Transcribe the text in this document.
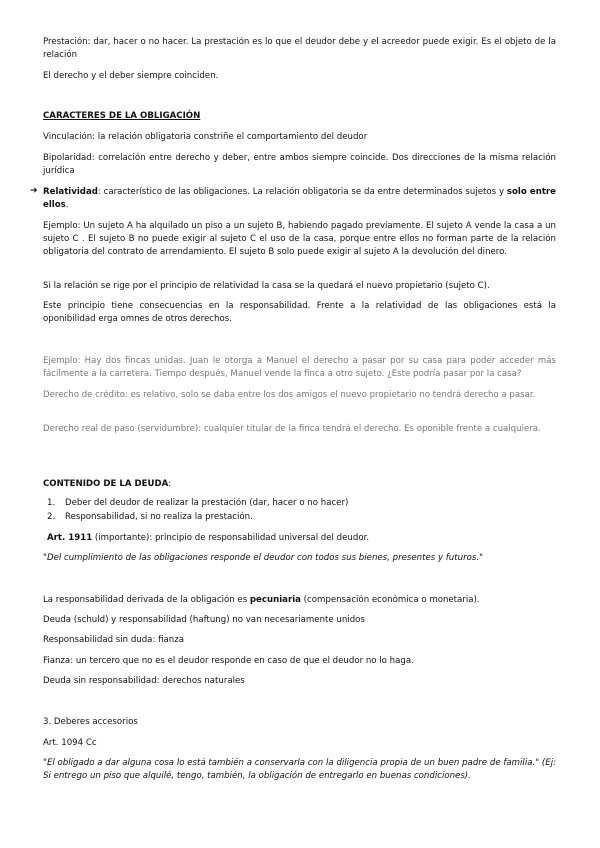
Prestación: dar, hacer o no hacer. La prestación es lo que el deudor debe y el acreedor puede exigir. Es el objeto de la relación

El derecho y el deber siempre coinciden.

CARACTERES DE LA OBLIGACIÓN

Vinculación: la relación obligatoria constriñe el comportamiento del deudor

Bipolaridad: correlación entre derecho y deber, entre ambos siempre coincide. Dos direcciones de la misma relación jurídica

➔ Relatividad: característico de las obligaciones. La relación obligatoria se da entre determinados sujetos y solo entre ellos.

Ejemplo: Un sujeto A ha alquilado un piso a un sujeto B, habiendo pagado previamente. El sujeto A vende la casa a un sujeto C . El sujeto B no puede exigir al sujeto C el uso de la casa, porque entre ellos no forman parte de la relación obligatoria del contrato de arrendamiento. El sujeto B solo puede exigir al sujeto A la devolución del dinero.

Si la relación se rige por el principio de relatividad la casa se la quedará el nuevo propietario (sujeto C).

Este principio tiene consecuencias en la responsabilidad. Frente a la relatividad de las obligaciones está la oponibilidad erga omnes de otros derechos.

Ejemplo: Hay dos fincas unidas. Juan le otorga a Manuel el derecho a pasar por su casa para poder acceder más fácilmente a la carretera. Tiempo después, Manuel vende la finca a otro sujeto. ¿Este podría pasar por la casa?

Derecho de crédito: es relativo, solo se daba entre los dos amigos el nuevo propietario no tendrá derecho a pasar.

Derecho real de paso (servidumbre): cualquier titular de la finca tendrá el derecho. Es oponible frente a cualquiera.

CONTENIDO DE LA DEUDA:

1. Deber del deudor de realizar la prestación (dar, hacer o no hacer)

2. Responsabilidad, si no realiza la prestación.

Art. 1911 (importante): principio de responsabilidad universal del deudor.

"Del cumplimiento de las obligaciones responde el deudor con todos sus bienes, presentes y futuros."

La responsabilidad derivada de la obligación es pecuniaria (compensación económica o monetaria).

Deuda (schuld) y responsabilidad (haftung) no van necesariamente unidos

Responsabilidad sin duda: fianza

Fianza: un tercero que no es el deudor responde en caso de que el deudor no lo haga.

Deuda sin responsabilidad: derechos naturales

3. Deberes accesorios

Art. 1094 Cc

"El obligado a dar alguna cosa lo está también a conservarla con la diligencia propia de un buen padre de familia." (Ej: Si entrego un piso que alquilé, tengo, también, la obligación de entregarlo en buenas condiciones).
